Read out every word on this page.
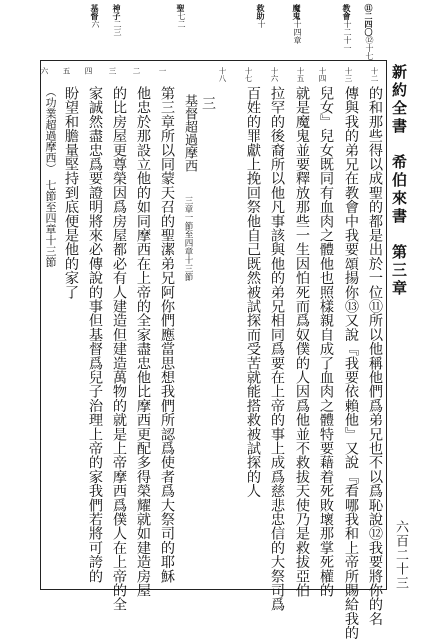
新約全書　希伯來書　第三章
六百二十三
⑪二四〇⑫十七
教會十二十一
魔鬼十四章
救助十
聖七二
神子二三
基督六
十二
十三
十四
十五
十六
十七
十八
一
二
三
四
五
六
的和那些得以成聖的都是出於一位⑪所以他稱他們爲弟兄也不以爲恥說⑫我要將你的名
傳與我的弟兄在教會中我要頌揚你⑬又說『我要依賴他』又說『看哪我和上帝所賜給我的
兒女』兒女既同有血肉之體他也照樣親自成了血肉之體特要藉着死敗壞那掌死權的
就是魔鬼並要釋放那些一生因怕死而爲奴僕的人因爲他並不救拔天使乃是救拔亞伯
拉罕的後裔所以他凡事該與他的弟兄相同爲要在上帝的事上成爲慈悲忠信的大祭司爲
百姓的罪獻上挽回祭他自己既然被試探而受苦就能搭救被試探的人
三
基督超過摩西
三章一節至四章十三節
第三章所以同蒙天召的聖潔弟兄阿你們應當思想我們所認爲使者爲大祭司的耶穌
他忠於那設立他的如同摩西在上帝的全家盡忠他比摩西更配多得榮耀就如建造房屋
的比房屋更尊榮因爲房屋都必有人建造但建造萬物的就是上帝摩西爲僕人在上帝的全
家誠然盡忠爲要證明將來必傳說的事但基督爲兒子治理上帝的家我們若將可誇的
盼望和膽量堅持到底便是他的家了
（功業超過摩西）　七節至四章十三節
